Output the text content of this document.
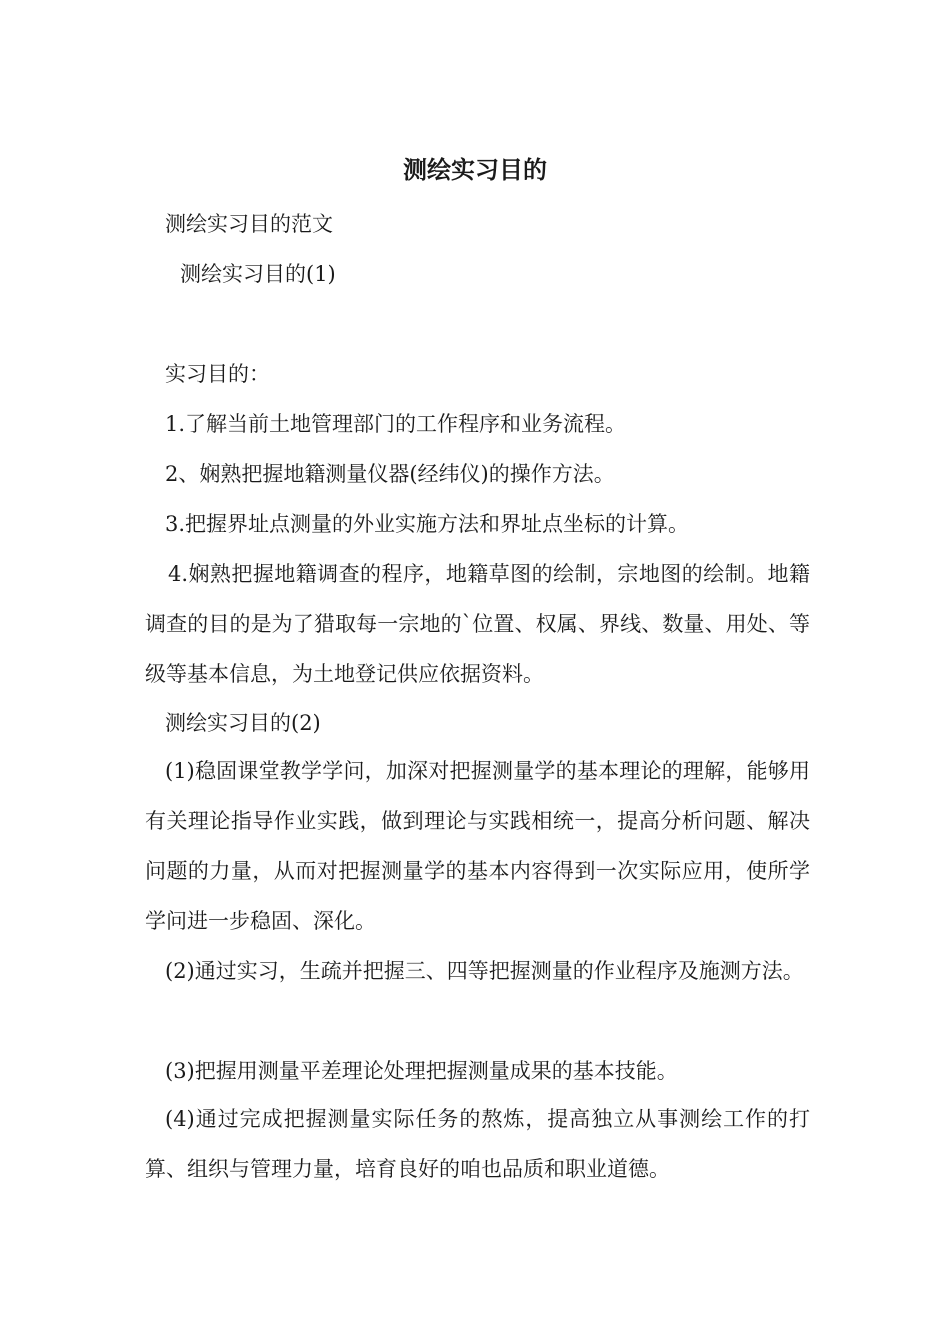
测绘实习目的

测绘实习目的范文

测绘实习目的(1)

实习目的：

1.了解当前土地管理部门的工作程序和业务流程。

2、娴熟把握地籍测量仪器(经纬仪)的操作方法。

3.把握界址点测量的外业实施方法和界址点坐标的计算。

4.娴熟把握地籍调查的程序，地籍草图的绘制，宗地图的绘制。地籍调查的目的是为了猎取每一宗地的`位置、权属、界线、数量、用处、等级等基本信息，为土地登记供应依据资料。

测绘实习目的(2)

(1)稳固课堂教学学问，加深对把握测量学的基本理论的理解，能够用有关理论指导作业实践，做到理论与实践相统一，提高分析问题、解决问题的力量，从而对把握测量学的基本内容得到一次实际应用，使所学学问进一步稳固、深化。

(2)通过实习，生疏并把握三、四等把握测量的作业程序及施测方法。

(3)把握用测量平差理论处理把握测量成果的基本技能。

(4)通过完成把握测量实际任务的熬炼，提高独立从事测绘工作的打算、组织与管理力量，培育良好的咱也品质和职业道德。
